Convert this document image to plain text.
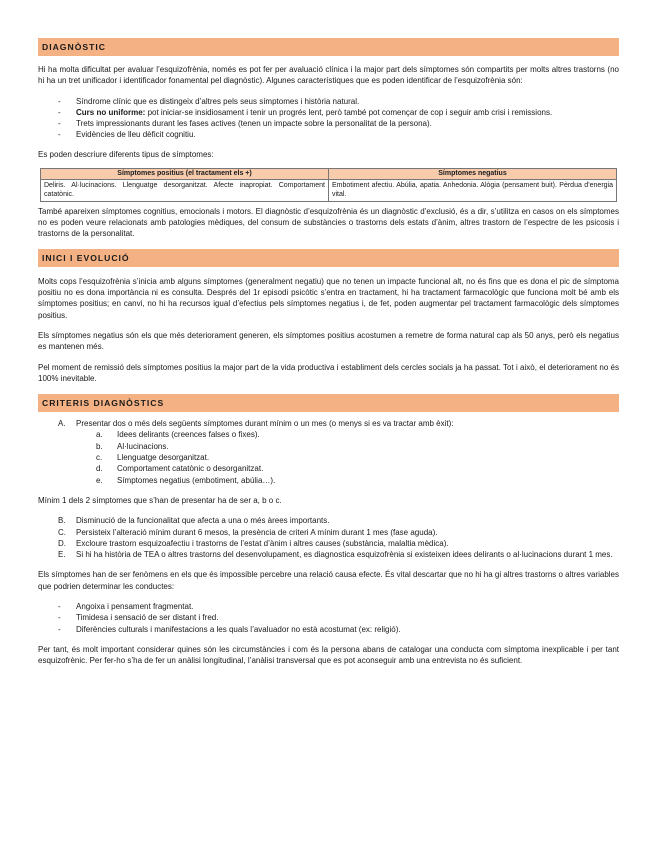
DIAGNÒSTIC

Hi ha molta dificultat per avaluar l’esquizofrènia, només es pot fer per avaluació clínica i la major part dels símptomes són compartits per molts altres trastorns (no hi ha un tret unificador i identificador fonamental pel diagnòstic). Algunes característiques que es poden identificar de l’esquizofrènia són:

- Síndrome clínic que es distingeix d’altres pels seus símptomes i història natural.
- Curs no uniforme: pot iniciar-se insidiosament i tenir un progrés lent, però també pot començar de cop i seguir amb crisi i remissions.
- Trets impressionants durant les fases actives (tenen un impacte sobre la personalitat de la persona).
- Evidències de lleu dèficit cognitiu.

Es poden descriure diferents tipus de símptomes:

Símptomes positius (el tractament els +)	Símptomes negatius
Deliris. Al·lucinacions. Llenguatge desorganitzat. Afecte inapropiat. Comportament catatònic.	Embotiment afectiu. Abúlia, apatia. Anhedonia. Alògia (pensament buit). Pèrdua d’energia vital.

També apareixen símptomes cognitius, emocionals i motors. El diagnòstic d’esquizofrènia és un diagnòstic d’exclusió, és a dir, s’utilitza en casos on els símptomes no es poden veure relacionats amb patologies mèdiques, del consum de substàncies o trastorns dels estats d’ànim, altres trastorn de l’espectre de les psicosis i trastorns de la personalitat.

INICI I EVOLUCIÓ

Molts cops l’esquizofrènia s’inicia amb alguns símptomes (generalment negatiu) que no tenen un impacte funcional alt, no és fins que es dona el pic de símptoma positiu no es dona importància ni es consulta. Després del 1r episodi psicòtic s’entra en tractament, hi ha tractament farmacològic que funciona molt bé amb els símptomes positius; en canvi, no hi ha recursos igual d’efectius pels símptomes negatius i, de fet, poden augmentar pel tractament farmacològic dels símptomes positius.

Els símptomes negatius són els que més deteriorament generen, els símptomes positius acostumen a remetre de forma natural cap als 50 anys, però els negatius es mantenen més.

Pel moment de remissió dels símptomes positius la major part de la vida productiva i establiment dels cercles socials ja ha passat. Tot i això, el deteriorament no és 100% inevitable.

CRITERIS DIAGNÒSTICS
A. Presentar dos o més dels següents símptomes durant mínim o un mes (o menys si es va tractar amb èxit):
a. Idees delirants (creences falses o fixes).
b. Al·lucinacions.
c. Llenguatge desorganitzat.
d. Comportament catatònic o desorganitzat.
e. Símptomes negatius (embotiment, abúlia…).

Mínim 1 dels 2 símptomes que s’han de presentar ha de ser a, b o c.

B. Disminució de la funcionalitat que afecta a una o més àrees importants.
C. Persisteix l’alteració mínim durant 6 mesos, la presència de criteri A mínim durant 1 mes (fase aguda).
D. Excloure trastorn esquizoafectiu i trastorns de l’estat d’ànim i altres causes (substància, malaltia mèdica).
E. Si hi ha història de TEA o altres trastorns del desenvolupament, es diagnostica esquizofrènia si existeixen idees delirants o al·lucinacions durant 1 mes.

Els símptomes han de ser fenòmens en els que és impossible percebre una relació causa efecte. És vital descartar que no hi ha gi altres trastorns o altres variables que podrien determinar les conductes:

- Angoixa i pensament fragmentat.
- Timidesa i sensació de ser distant i fred.
- Diferències culturals i manifestacions a les quals l’avaluador no està acostumat (ex: religió).

Per tant, és molt important considerar quines són les circumstàncies i com és la persona abans de catalogar una conducta com símptoma inexplicable i per tant esquizofrènic. Per fer-ho s’ha de fer un anàlisi longitudinal, l’anàlisi transversal que es pot aconseguir amb una entrevista no és suficient.
